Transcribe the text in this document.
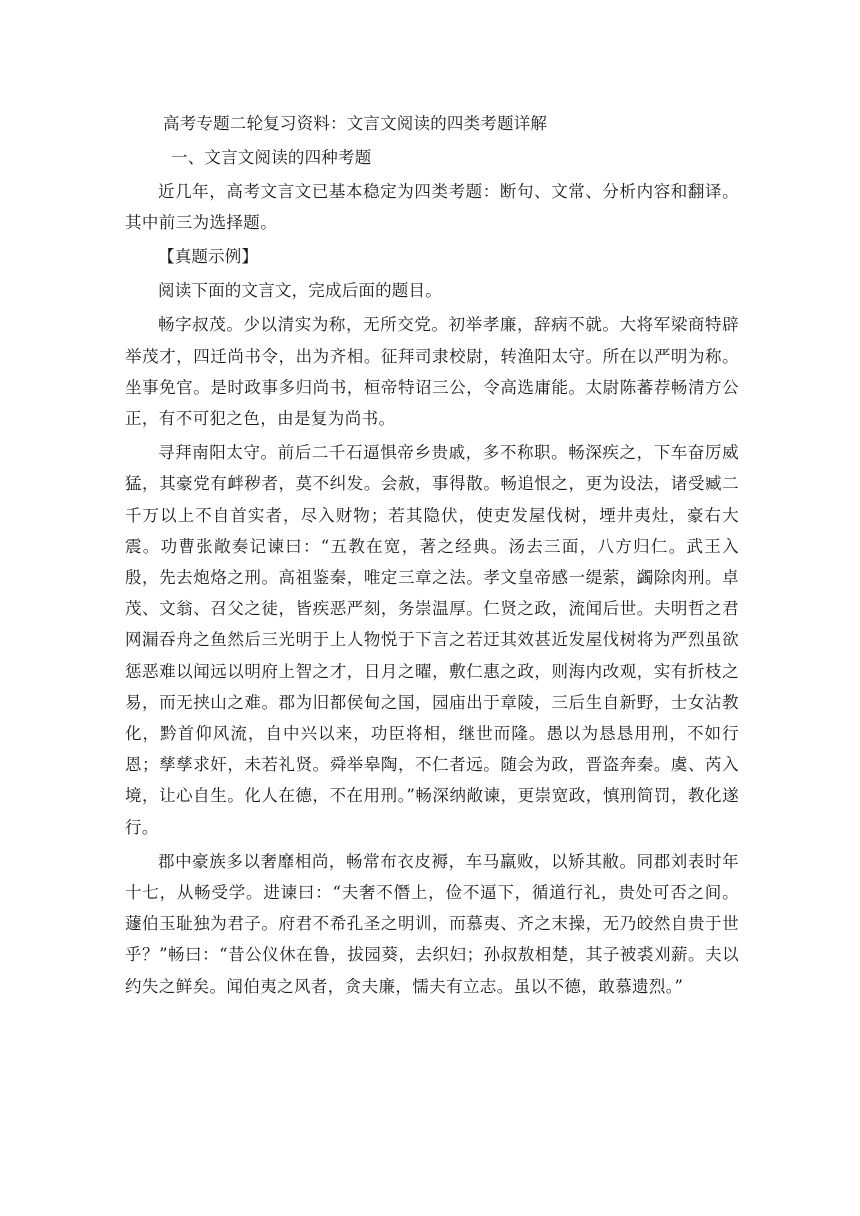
高考专题二轮复习资料：文言文阅读的四类考题详解

一、文言文阅读的四种考题

近几年，高考文言文已基本稳定为四类考题：断句、文常、分析内容和翻译。其中前三为选择题。

【真题示例】

阅读下面的文言文，完成后面的题目。

畅字叔茂。少以清实为称，无所交党。初举孝廉，辞病不就。大将军梁商特辟举茂才，四迁尚书令，出为齐相。征拜司隶校尉，转渔阳太守。所在以严明为称。坐事免官。是时政事多归尚书，桓帝特诏三公，令高选庸能。太尉陈蕃荐畅清方公正，有不可犯之色，由是复为尚书。

寻拜南阳太守。前后二千石逼惧帝乡贵戚，多不称职。畅深疾之，下车奋厉威猛，其豪党有衅秽者，莫不纠发。会赦，事得散。畅追恨之，更为设法，诸受臧二千万以上不自首实者，尽入财物；若其隐伏，使吏发屋伐树，堙井夷灶，豪右大震。功曹张敞奏记谏曰：“五教在宽，著之经典。汤去三面，八方归仁。武王入殷，先去炮烙之刑。高祖鉴秦，唯定三章之法。孝文皇帝感一缇萦，蠲除肉刑。卓茂、文翁、召父之徒，皆疾恶严刻，务崇温厚。仁贤之政，流闻后世。夫明哲之君网漏吞舟之鱼然后三光明于上人物悦于下言之若迂其效甚近发屋伐树将为严烈虽欲惩恶难以闻远以明府上智之才，日月之曜，敷仁惠之政，则海内改观，实有折枝之易，而无挟山之难。郡为旧都侯甸之国，园庙出于章陵，三后生自新野，士女沾教化，黔首仰风流，自中兴以来，功臣将相，继世而隆。愚以为恳恳用刑，不如行恩；孳孳求奸，未若礼贤。舜举皋陶，不仁者远。随会为政，晋盗奔秦。虞、芮入境，让心自生。化人在德，不在用刑。”畅深纳敞谏，更崇宽政，慎刑简罚，教化遂行。

郡中豪族多以奢靡相尚，畅常布衣皮褥，车马羸败，以矫其敝。同郡刘表时年十七，从畅受学。进谏曰：“夫奢不僭上，俭不逼下，循道行礼，贵处可否之间。蘧伯玉耻独为君子。府君不希孔圣之明训，而慕夷、齐之末操，无乃皎然自贵于世乎？”畅曰：“昔公仪休在鲁，拔园葵，去织妇；孙叔敖相楚，其子被裘刈薪。夫以约失之鲜矣。闻伯夷之风者，贪夫廉，懦夫有立志。虽以不德，敢慕遗烈。”
